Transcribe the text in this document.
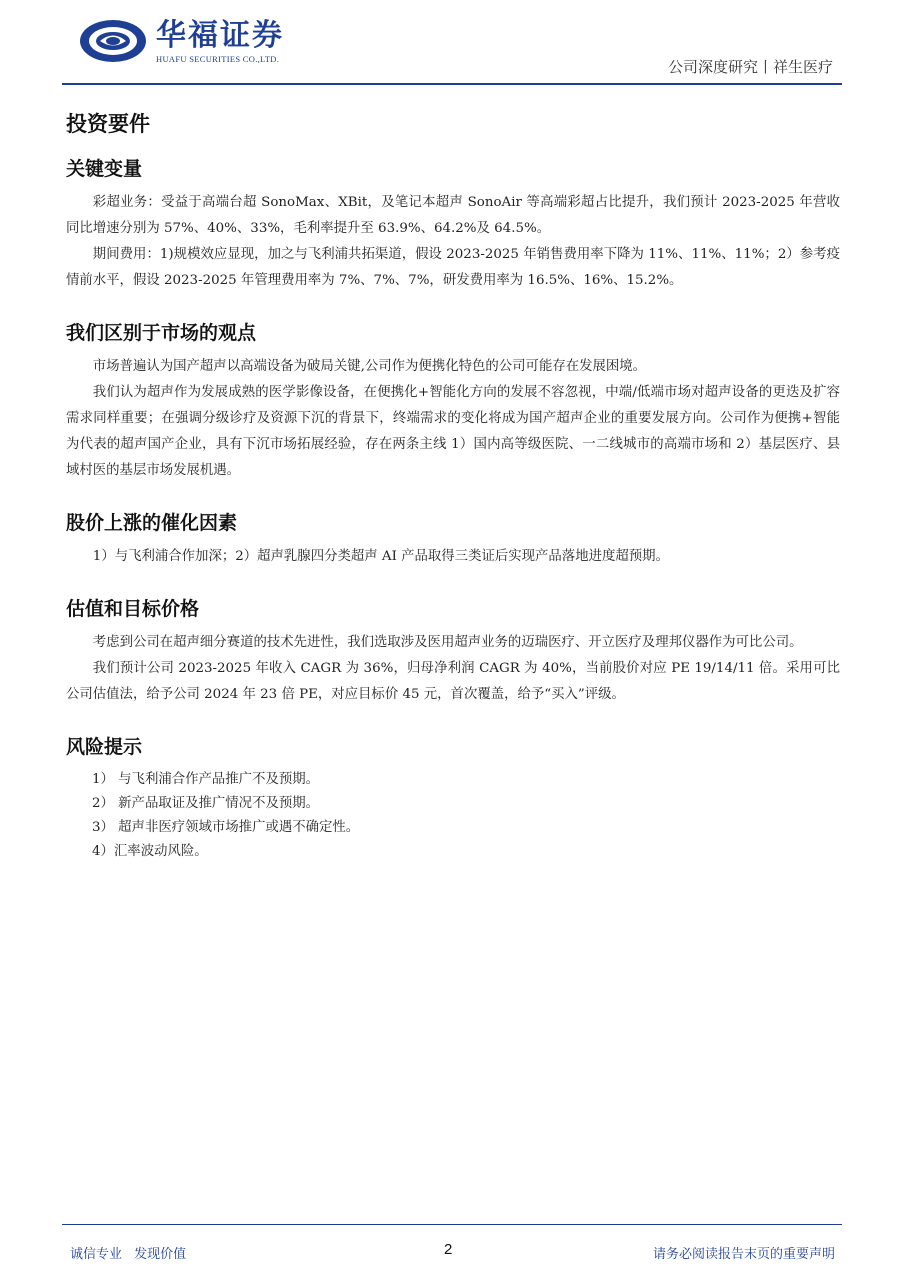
华福证券
HUAFU SECURITIES CO.,LTD.	公司深度研究丨祥生医疗
投资要件
关键变量

彩超业务：受益于高端台超 SonoMax、XBit，及笔记本超声 SonoAir 等高端彩超占比提升，我们预计 2023-2025 年营收同比增速分别为 57%、40%、33%，毛利率提升至 63.9%、64.2%及 64.5%。

期间费用：1)规模效应显现，加之与飞利浦共拓渠道，假设 2023-2025 年销售费用率下降为 11%、11%、11%；2）参考疫情前水平，假设 2023-2025 年管理费用率为 7%、7%、7%，研发费用率为 16.5%、16%、15.2%。

我们区别于市场的观点

市场普遍认为国产超声以高端设备为破局关键,公司作为便携化特色的公司可能存在发展困境。

我们认为超声作为发展成熟的医学影像设备，在便携化+智能化方向的发展不容忽视，中端/低端市场对超声设备的更迭及扩容需求同样重要；在强调分级诊疗及资源下沉的背景下，终端需求的变化将成为国产超声企业的重要发展方向。公司作为便携+智能为代表的超声国产企业，具有下沉市场拓展经验，存在两条主线 1）国内高等级医院、一二线城市的高端市场和 2）基层医疗、县域村医的基层市场发展机遇。

股价上涨的催化因素

1）与飞利浦合作加深；2）超声乳腺四分类超声 AI 产品取得三类证后实现产品落地进度超预期。

估值和目标价格

考虑到公司在超声细分赛道的技术先进性，我们选取涉及医用超声业务的迈瑞医疗、开立医疗及理邦仪器作为可比公司。

我们预计公司 2023-2025 年收入 CAGR 为 36%，归母净利润 CAGR 为 40%，当前股价对应 PE 19/14/11 倍。采用可比公司估值法，给予公司 2024 年 23 倍 PE，对应目标价 45 元，首次覆盖，给予“买入”评级。

风险提示

1） 与飞利浦合作产品推广不及预期。

2） 新产品取证及推广情况不及预期。

3） 超声非医疗领域市场推广或遇不确定性。

4）汇率波动风险。

诚信专业 发现价值	2	请务必阅读报告末页的重要声明
